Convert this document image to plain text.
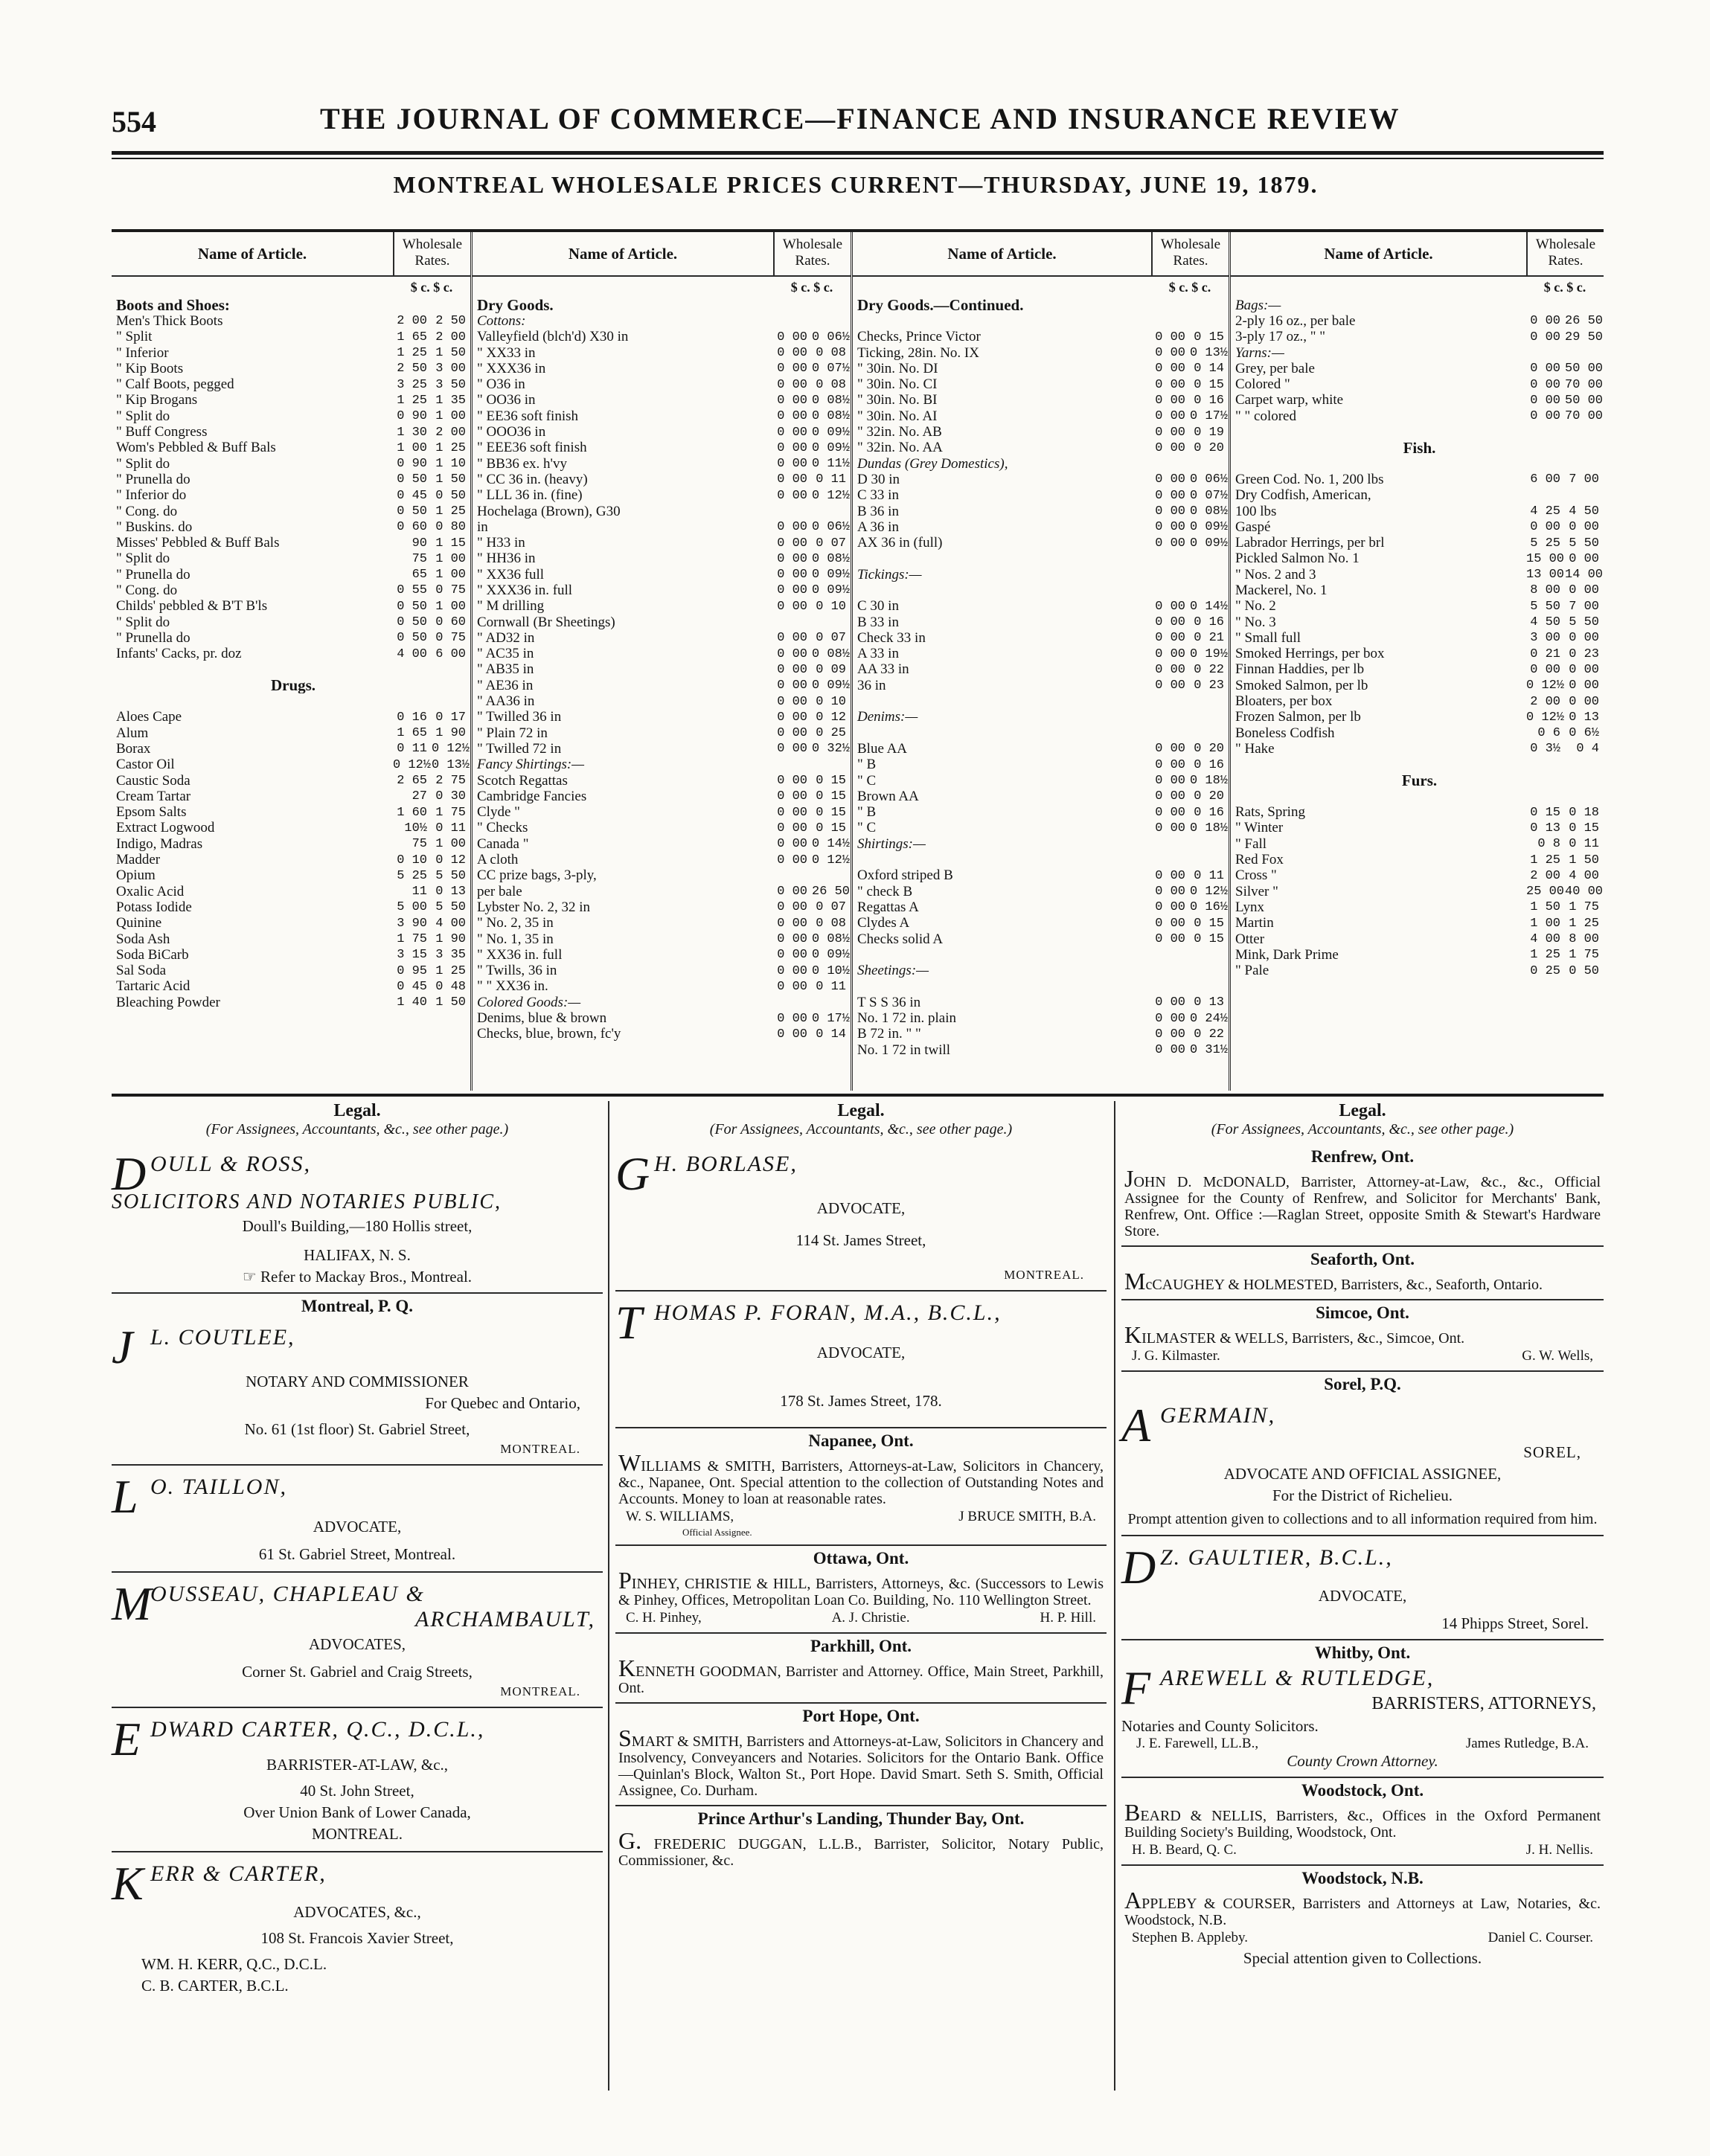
554	THE JOURNAL OF COMMERCE—FINANCE AND INSURANCE REVIEW
MONTREAL WHOLESALE PRICES CURRENT—THURSDAY, JUNE 19, 1879.
Name of Article.	Wholesale Rates.
$ c. $ c.
Boots and Shoes:
Men's Thick Boots	2 00 2 50
" Split	1 65 2 00
" Inferior	1 25 1 50
" Kip Boots	2 50 3 00
" Calf Boots, pegged	3 25 3 50
" Kip Brogans	1 25 1 35
" Split do	0 90 1 00
" Buff Congress	1 30 2 00
Wom's Pebbled & Buff Bals	1 00 1 25
" Split do	0 90 1 10
" Prunella do	0 50 1 50
" Inferior do	0 45 0 50
" Cong. do	0 50 1 25
" Buskins. do	0 60 0 80
Misses' Pebbled & Buff Bals	90 1 15
" Split do	75 1 00
" Prunella do	65 1 00
" Cong. do	0 55 0 75
Childs' pebbled & B'T B'ls	0 50 1 00
" Split do	0 50 0 60
" Prunella do	0 50 0 75
Infants' Cacks, pr. doz	4 00 6 00
Drugs.
Aloes Cape	0 16 0 17
Alum	1 65 1 90
Borax	0 11 0 12½
Castor Oil	0 12½ 0 13½
Caustic Soda	2 65 2 75
Cream Tartar	27 0 30
Epsom Salts	1 60 1 75
Extract Logwood	10½ 0 11
Indigo, Madras	75 1 00
Madder	0 10 0 12
Opium	5 25 5 50
Oxalic Acid	11 0 13
Potass Iodide	5 00 5 50
Quinine	3 90 4 00
Soda Ash	1 75 1 90
Soda BiCarb	3 15 3 35
Sal Soda	0 95 1 25
Tartaric Acid	0 45 0 48
Bleaching Powder	1 40 1 50
Name of Article.	Wholesale Rates.
$ c. $ c.
Dry Goods.
Cottons:
Valleyfield (blch'd) X30 in	0 00 0 06½
" XX33 in	0 00 0 08
" XXX36 in	0 00 0 07½
" O36 in	0 00 0 08
" OO36 in	0 00 0 08½
" EE36 soft finish	0 00 0 08½
" OOO36 in	0 00 0 09½
" EEE36 soft finish	0 00 0 09½
" BB36 ex. h'vy	0 00 0 11½
" CC 36 in. (heavy)	0 00 0 11
" LLL 36 in. (fine)	0 00 0 12½
Hochelaga (Brown), G30
in	0 00 0 06½
" H33 in	0 00 0 07
" HH36 in	0 00 0 08½
" XX36 full	0 00 0 09½
" XXX36 in. full	0 00 0 09½
" M drilling	0 00 0 10
Cornwall (Br Sheetings)
" AD32 in	0 00 0 07
" AC35 in	0 00 0 08½
" AB35 in	0 00 0 09
" AE36 in	0 00 0 09½
" AA36 in	0 00 0 10
" Twilled 36 in	0 00 0 12
" Plain 72 in	0 00 0 25
" Twilled 72 in	0 00 0 32½
Fancy Shirtings:—
Scotch Regattas	0 00 0 15
Cambridge Fancies	0 00 0 15
Clyde "	0 00 0 15
" Checks	0 00 0 15
Canada "	0 00 0 14½
A cloth	0 00 0 12½
CC prize bags, 3-ply,
per bale	0 00 26 50
Lybster No. 2, 32 in	0 00 0 07
" No. 2, 35 in	0 00 0 08
" No. 1, 35 in	0 00 0 08½
" XX36 in. full	0 00 0 09½
" Twills, 36 in	0 00 0 10½
" " XX36 in.	0 00 0 11
Colored Goods:—
Denims, blue & brown	0 00 0 17½
Checks, blue, brown, fc'y	0 00 0 14
Name of Article.	Wholesale Rates.
$ c. $ c.
Dry Goods.—Continued.
Checks, Prince Victor	0 00 0 15
Ticking, 28in. No. IX	0 00 0 13½
" 30in. No. DI	0 00 0 14
" 30in. No. CI	0 00 0 15
" 30in. No. BI	0 00 0 16
" 30in. No. AI	0 00 0 17½
" 32in. No. AB	0 00 0 19
" 32in. No. AA	0 00 0 20
Dundas (Grey Domestics),
D 30 in	0 00 0 06½
C 33 in	0 00 0 07½
B 36 in	0 00 0 08½
A 36 in	0 00 0 09½
AX 36 in (full)	0 00 0 09½
Tickings:—
C 30 in	0 00 0 14½
B 33 in	0 00 0 16
Check 33 in	0 00 0 21
A 33 in	0 00 0 19½
AA 33 in	0 00 0 22
36 in	0 00 0 23
Denims:—
Blue AA	0 00 0 20
" B	0 00 0 16
" C	0 00 0 18½
Brown AA	0 00 0 20
" B	0 00 0 16
" C	0 00 0 18½
Shirtings:—
Oxford striped B	0 00 0 11
" check B	0 00 0 12½
Regattas A	0 00 0 16½
Clydes A	0 00 0 15
Checks solid A	0 00 0 15
Sheetings:—
T S S 36 in	0 00 0 13
No. 1 72 in. plain	0 00 0 24½
B 72 in. " "	0 00 0 22
No. 1 72 in twill	0 00 0 31½
Name of Article.	Wholesale Rates.
$ c. $ c.
Bags:—
2-ply 16 oz., per bale	0 00 26 50
3-ply 17 oz., " "	0 00 29 50
Yarns:—
Grey, per bale	0 00 50 00
Colored "	0 00 70 00
Carpet warp, white	0 00 50 00
" " colored	0 00 70 00
Fish.
Green Cod. No. 1, 200 lbs	6 00 7 00
Dry Codfish, American,
100 lbs	4 25 4 50
Gaspé	0 00 0 00
Labrador Herrings, per brl	5 25 5 50
Pickled Salmon No. 1	15 00 0 00
" Nos. 2 and 3	13 00 14 00
Mackerel, No. 1	8 00 0 00
" No. 2	5 50 7 00
" No. 3	4 50 5 50
" Small full	3 00 0 00
Smoked Herrings, per box	0 21 0 23
Finnan Haddies, per lb	0 00 0 00
Smoked Salmon, per lb	0 12½ 0 00
Bloaters, per box	2 00 0 00
Frozen Salmon, per lb	0 12½ 0 13
Boneless Codfish	0 6 0 6½
" Hake	0 3½	0 4
Furs.
Rats, Spring	0 15 0 18
" Winter	0 13 0 15
" Fall	0 8 0 11
Red Fox	1 25 1 50
Cross "	2 00 4 00
Silver "	25 00 40 00
Lynx	1 50 1 75
Martin	1 00 1 25
Otter	4 00 8 00
Mink, Dark Prime	1 25 1 75
" Pale	0 25 0 50
Legal.
(For Assignees, Accountants, &c., see other page.)
D OULL & ROSS,
SOLICITORS AND NOTARIES PUBLIC,
Doull's Building,—180 Hollis street,
HALIFAX, N. S.
☞ Refer to Mackay Bros., Montreal.
Montreal, P. Q.
J L. COUTLEE,
NOTARY AND COMMISSIONER
For Quebec and Ontario,
No. 61 (1st floor) St. Gabriel Street,
MONTREAL.
L O. TAILLON,
ADVOCATE,
61 St. Gabriel Street, Montreal.
M
OUSSEAU, CHAPLEAU &
ARCHAMBAULT,
ADVOCATES,
Corner St. Gabriel and Craig Streets,
MONTREAL.
E DWARD CARTER, Q.C., D.C.L.,
BARRISTER-AT-LAW, &c.,
40 St. John Street,
Over Union Bank of Lower Canada,
MONTREAL.
K ERR & CARTER,
ADVOCATES, &c.,
108 St. Francois Xavier Street,
WM. H. KERR, Q.C., D.C.L.
C. B. CARTER, B.C.L.
Legal.
(For Assignees, Accountants, &c., see other page.)
G H. BORLASE,
ADVOCATE,
114 St. James Street,
MONTREAL.
T HOMAS P. FORAN, M.A., B.C.L.,
ADVOCATE,
178 St. James Street, 178.
Napanee, Ont.
WILLIAMS & SMITH, Barristers, Attorneys-at-Law, Solicitors in Chancery, &c., Napanee, Ont. Special attention to the collection of Outstanding Notes and Accounts. Money to loan at reasonable rates.
W. S. WILLIAMS,	J BRUCE SMITH, B.A.
Official Assignee.
Ottawa, Ont.
PINHEY, CHRISTIE & HILL, Barristers, Attorneys, &c. (Successors to Lewis & Pinhey, Offices, Metropolitan Loan Co. Building, No. 110 Wellington Street.
C. H. Pinhey,	A. J. Christie.	H. P. Hill.
Parkhill, Ont.
KENNETH GOODMAN, Barrister and Attorney. Office, Main Street, Parkhill, Ont.
Port Hope, Ont.
SMART & SMITH, Barristers and Attorneys-at-Law, Solicitors in Chancery and Insolvency, Conveyancers and Notaries. Solicitors for the Ontario Bank. Office—Quinlan's Block, Walton St., Port Hope. David Smart. Seth S. Smith, Official Assignee, Co. Durham.
Prince Arthur's Landing, Thunder Bay, Ont.
G. FREDERIC DUGGAN, L.L.B., Barrister, Solicitor, Notary Public, Commissioner, &c.
Legal.
(For Assignees, Accountants, &c., see other page.)
Renfrew, Ont.
JOHN D. McDONALD, Barrister, Attorney-at-Law, &c., &c., Official Assignee for the County of Renfrew, and Solicitor for Merchants' Bank, Renfrew, Ont. Office :—Raglan Street, opposite Smith & Stewart's Hardware Store.
Seaforth, Ont.
McCAUGHEY & HOLMESTED, Barristers, &c., Seaforth, Ontario.
Simcoe, Ont.
KILMASTER & WELLS, Barristers, &c., Simcoe, Ont.
J. G. Kilmaster.	G. W. Wells,
Sorel, P.Q.
A GERMAIN,
SOREL,
ADVOCATE AND OFFICIAL ASSIGNEE,
For the District of Richelieu.
Prompt attention given to collections and to all information required from him.
D Z. GAULTIER, B.C.L.,
ADVOCATE,
14 Phipps Street, Sorel.
Whitby, Ont.
F AREWELL & RUTLEDGE,
BARRISTERS, ATTORNEYS,
Notaries and County Solicitors.
J. E. Farewell, LL.B.,	James Rutledge, B.A.
County Crown Attorney.
Woodstock, Ont.
BEARD & NELLIS, Barristers, &c., Offices in the Oxford Permanent Building Society's Building, Woodstock, Ont.
H. B. Beard, Q. C.	J. H. Nellis.
Woodstock, N.B.
APPLEBY & COURSER, Barristers and Attorneys at Law, Notaries, &c. Woodstock, N.B.
Stephen B. Appleby.	Daniel C. Courser.
Special attention given to Collections.
